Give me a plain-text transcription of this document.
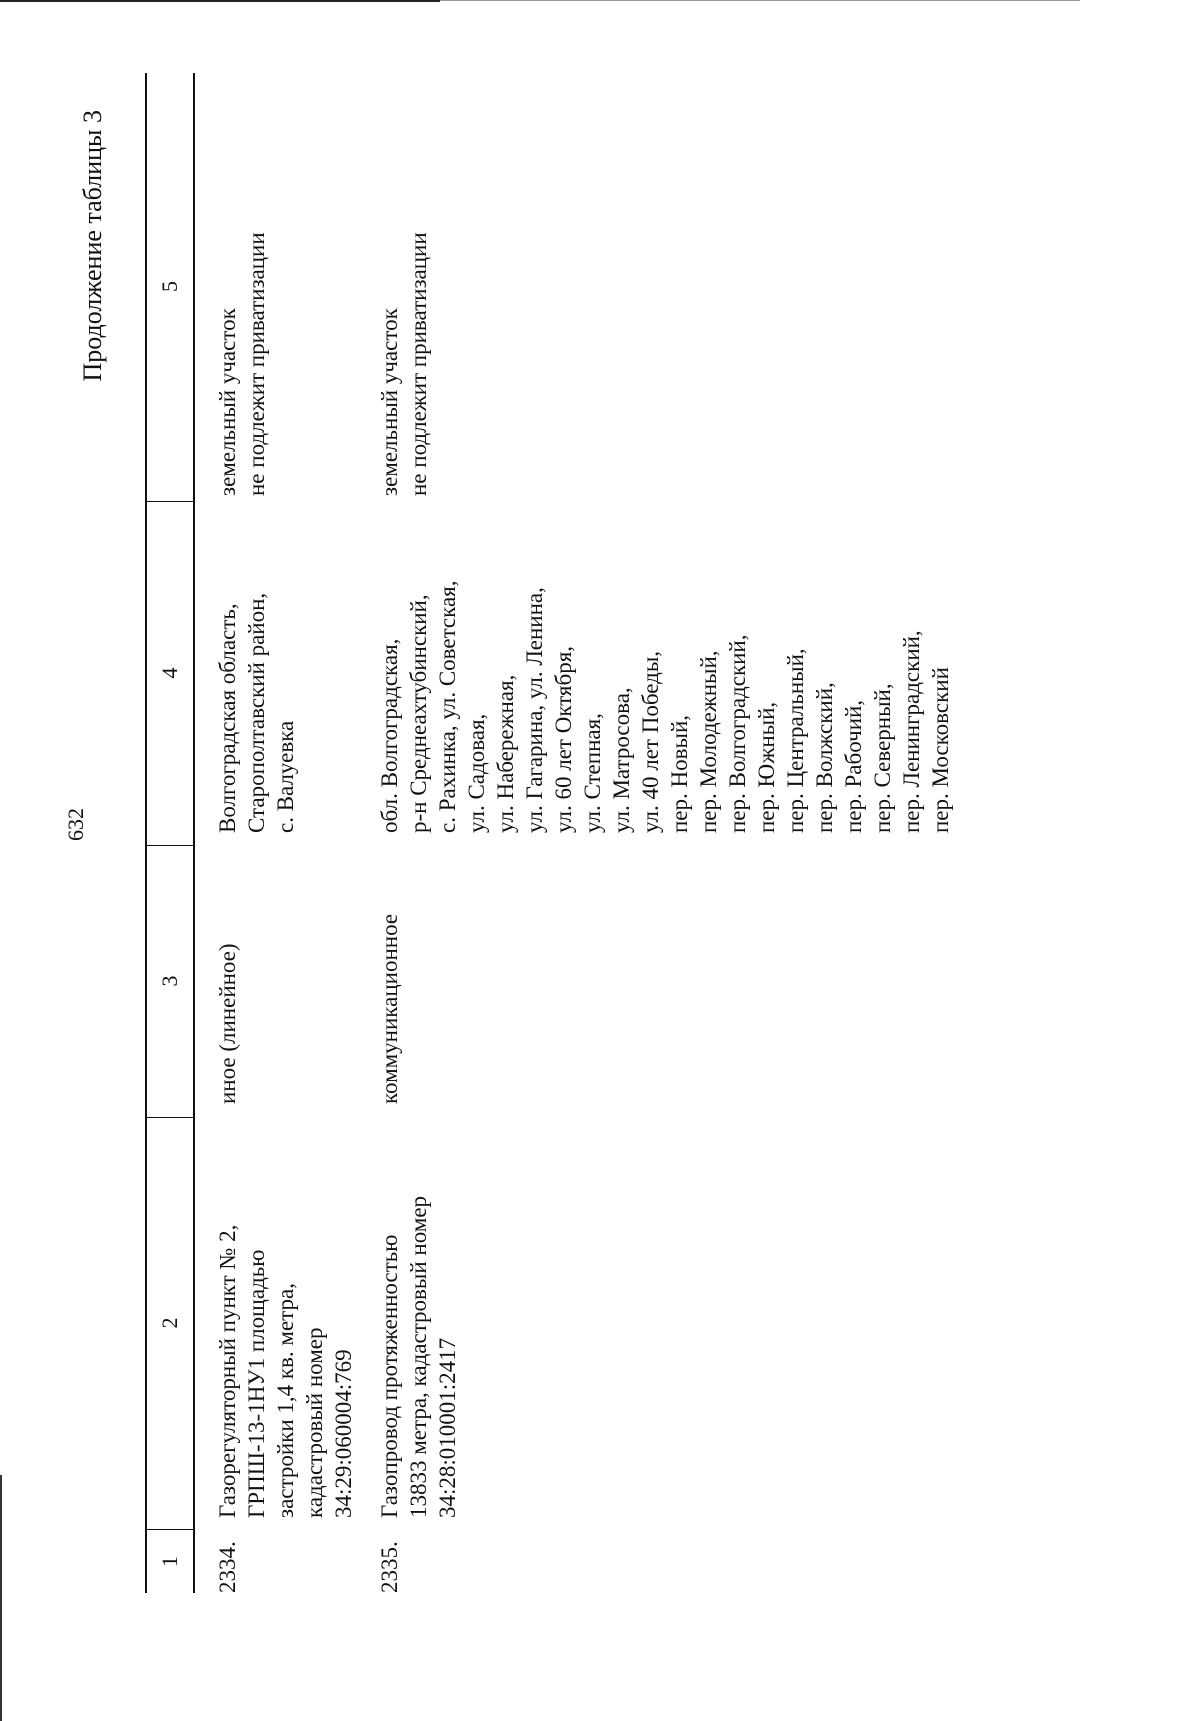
632
Продолжение таблицы 3
1
2
3
4
5
2334.
Газорегуляторный пункт № 2, ГРПШ-13-1НУ1 площадью застройки 1,4 кв. метра, кадастровый номер 34:29:060004:769
иное (линейное)
Волгоградская область, Старополтавский район, с. Валуевка
земельный участок не подлежит приватизации
2335.
Газопровод протяженностью 13833 метра, кадастровый номер 34:28:010001:2417
коммуникационное
обл. Волгоградская, р-н Среднеахтубинский, с. Рахинка, ул. Советская, ул. Садовая, ул. Набережная, ул. Гагарина, ул. Ленина, ул. 60 лет Октября, ул. Степная, ул. Матросова, ул. 40 лет Победы, пер. Новый, пер. Молодежный, пер. Волгоградский, пер. Южный, пер. Центральный, пер. Волжский, пер. Рабочий, пер. Северный, пер. Ленинградский, пер. Московский
земельный участок не подлежит приватизации
